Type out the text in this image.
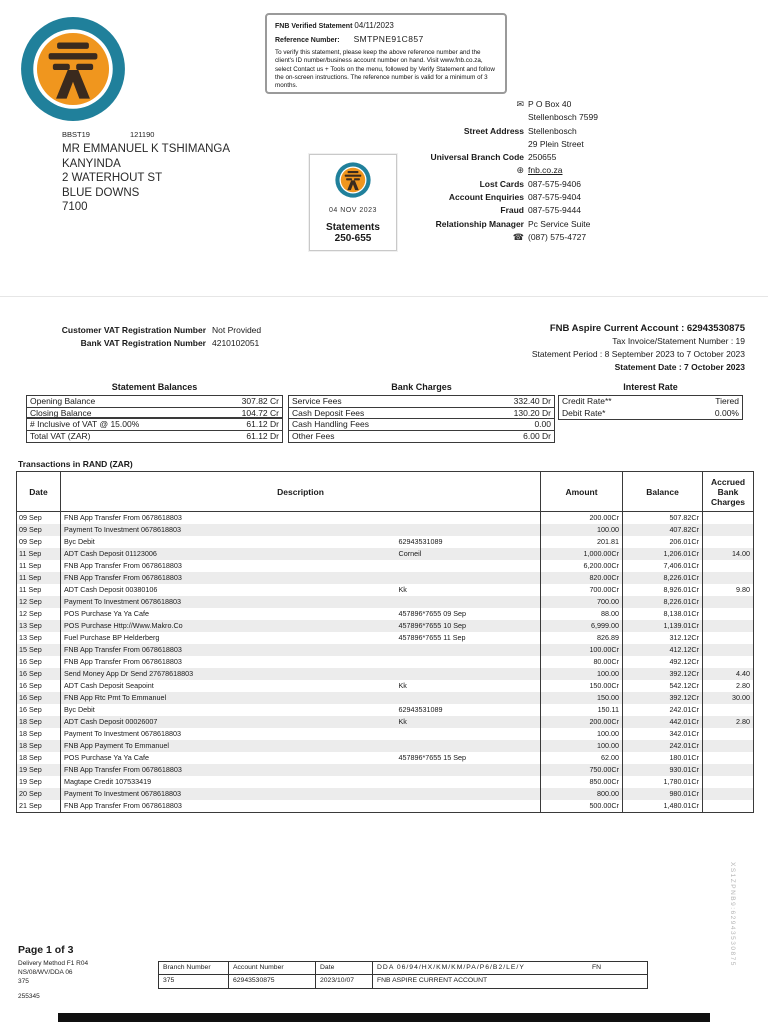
FNB Verified Statement 04/11/2023
Reference Number: SMTPNE91C857
To verify this statement, please keep the above reference number and the client's ID number/business account number on hand. Visit www.fnb.co.za, select Contact us + Tools on the menu, followed by Verify Statement and follow the on-screen instructions. The reference number is valid for a minimum of 3 months.
BBST19	121190
MR EMMANUEL K TSHIMANGA
KANYINDA
2 WATERHOUT ST
BLUE DOWNS
7100	04 NOV 2023
Statements
250-655
✉
P O Box 40
Stellenbosch 7599
Street Address Stellenbosch
29 Plein Street
Universal Branch Code 250655
⊕
fnb.co.za
Lost Cards 087-575-9406
Account Enquiries 087-575-9404
Fraud 087-575-9444
Relationship Manager Pc Service Suite
☎
(087) 575-4727
Customer VAT Registration Number Not Provided
Bank VAT Registration Number 4210102051
FNB Aspire Current Account : 62943530875
Tax Invoice/Statement Number : 19
Statement Period : 8 September 2023 to 7 October 2023
Statement Date : 7 October 2023
Statement Balances
Opening Balance	307.82 Cr
Closing Balance	104.72 Cr
# Inclusive of VAT @ 15.00%	61.12 Dr
Total VAT (ZAR)	61.12 Dr
Bank Charges
Service Fees	332.40 Dr
Cash Deposit Fees	130.20 Dr
Cash Handling Fees	0.00
Other Fees	6.00 Dr
Interest Rate
Credit Rate**	Tiered
Debit Rate*	0.00%
Transactions in RAND (ZAR)
Date	Description		Amount	Balance	Accrued Bank Charges
09 Sep	FNB App Transfer From 0678618803		200.00Cr	507.82Cr	
09 Sep	Payment To Investment 0678618803		100.00	407.82Cr	
09 Sep	Byc Debit	62943531089	201.81	206.01Cr	
11 Sep	ADT Cash Deposit 01123006	Corneil	1,000.00Cr	1,206.01Cr	14.00
11 Sep	FNB App Transfer From 0678618803		6,200.00Cr	7,406.01Cr	
11 Sep	FNB App Transfer From 0678618803		820.00Cr	8,226.01Cr	
11 Sep	ADT Cash Deposit 00380106	Kk	700.00Cr	8,926.01Cr	9.80
12 Sep	Payment To Investment 0678618803		700.00	8,226.01Cr	
12 Sep	POS Purchase Ya Ya Cafe	457896*7655 09 Sep	88.00	8,138.01Cr	
13 Sep	POS Purchase Http://Www.Makro.Co	457896*7655 10 Sep	6,999.00	1,139.01Cr	
13 Sep	Fuel Purchase BP Helderberg	457896*7655 11 Sep	826.89	312.12Cr	
15 Sep	FNB App Transfer From 0678618803		100.00Cr	412.12Cr	
16 Sep	FNB App Transfer From 0678618803		80.00Cr	492.12Cr	
16 Sep	Send Money App Dr Send 27678618803		100.00	392.12Cr	4.40
16 Sep	ADT Cash Deposit Seapoint	Kk	150.00Cr	542.12Cr	2.80
16 Sep	FNB App Rtc Pmt To Emmanuel		150.00	392.12Cr	30.00
16 Sep	Byc Debit	62943531089	150.11	242.01Cr	
18 Sep	ADT Cash Deposit 00026007	Kk	200.00Cr	442.01Cr	2.80
18 Sep	Payment To Investment 0678618803		100.00	342.01Cr	
18 Sep	FNB App Payment To Emmanuel		100.00	242.01Cr	
18 Sep	POS Purchase Ya Ya Cafe	457896*7655 15 Sep	62.00	180.01Cr	
19 Sep	FNB App Transfer From 0678618803		750.00Cr	930.01Cr	
19 Sep	Magtape Credit 107533419		850.00Cr	1,780.01Cr	
20 Sep	Payment To Investment 0678618803		800.00	980.01Cr	
21 Sep	FNB App Transfer From 0678618803		500.00Cr	1,480.01Cr	
Page 1 of 3
Delivery Method F1 R04
NS/08/WV/DDA 06
375
255345
Branch Number	Account Number	Date	DDA 06/94/HX/KM/KM/PA/P6/B2/LE/Y	FN
375	62943530875	2023/10/07	FNB ASPIRE CURRENT ACCOUNT
XS1ZPNB9:62943530875
